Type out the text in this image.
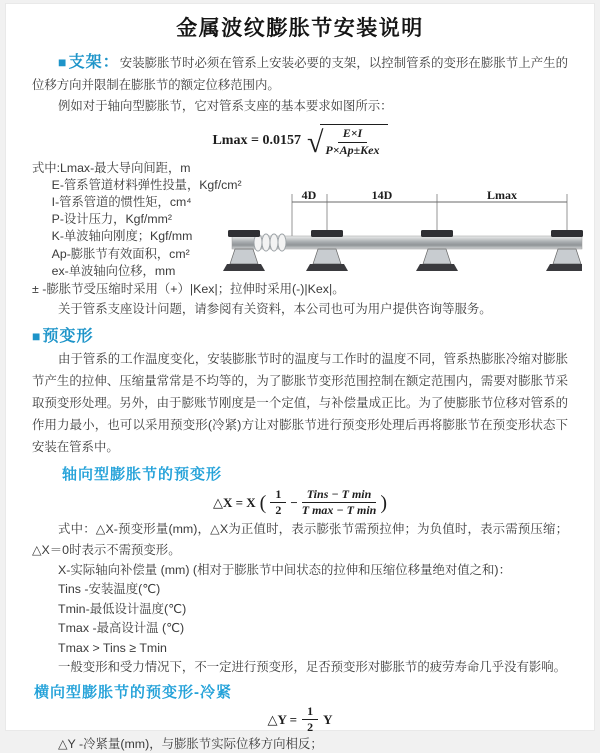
金属波纹膨胀节安装说明

■ 支架：安装膨胀节时必须在管系上安装必要的支架，以控制管系的变形在膨胀节上产生的位移方向并限制在膨胀节的额定位移范围内。

例如对于轴向型膨胀节，它对管系支座的基本要求如图所示：

Lmax = 0.0157 √ $\frac{E\times I}{\text{P×Ap±Kex}}$
式中:Lmax-最大导向间距，m
E-管系管道材料弹性投量，Kgf/cm²
I-管系管道的惯性矩，cm⁴
P-设计压力，Kgf/mm²
K-单波轴向刚度；Kgf/mm
Ap-膨胀节有效面积，cm²
ex-单波轴向位移，mm
4D	14D	Lmax

± -膨胀节受压缩时采用（+）|Kex|；拉伸时采用(-)|Kex|。

关于管系支座设计问题，请参阅有关资料，本公司也可为用户提供咨询等服务。

■ 预变形

由于管系的工作温度变化，安装膨胀节时的温度与工作时的温度不同，管系热膨胀冷缩对膨胀节产生的拉伸、压缩量常常是不均等的，为了膨胀节变形范围控制在额定范围内，需要对膨胀节采取预变形处理。另外，由于膨账节刚度是一个定值，与补偿量成正比。为了使膨胀节位移对管系的作用力最小，也可以采用预变形(冷紧)方让对膨胀节进行预变形处理后再将膨胀节在预变形状态下安装在管系中。

轴向型膨胀节的预变形
△X = X ( $\frac{1}{2} - \frac{\text{Tins − T min}}{\text{T max − T min}}$ )

式中：△X-预变形量(mm)，△X为正值时，表示膨张节需预拉伸；为负值时，表示需预压缩；△X＝0时表示不需预变形。

X-实际轴向补偿量 (mm) (相对于膨胀节中间状态的拉伸和压缩位移量绝对值之和)：
Tins -安装温度(℃)
Tmin-最低设计温度(℃)
Tmax -最高设计温 (℃)
Tmax > Tins ≥ Tmin
一般变形和受力情况下，不一定进行预变形，足否预变形对膨胀节的疲劳寿命几乎没有影响。
横向型膨胀节的预变形-冷紧
△Y = $\frac{1}{2}$ Y
△Y -冷紧量(mm)，与膨胀节实际位移方向相反；
